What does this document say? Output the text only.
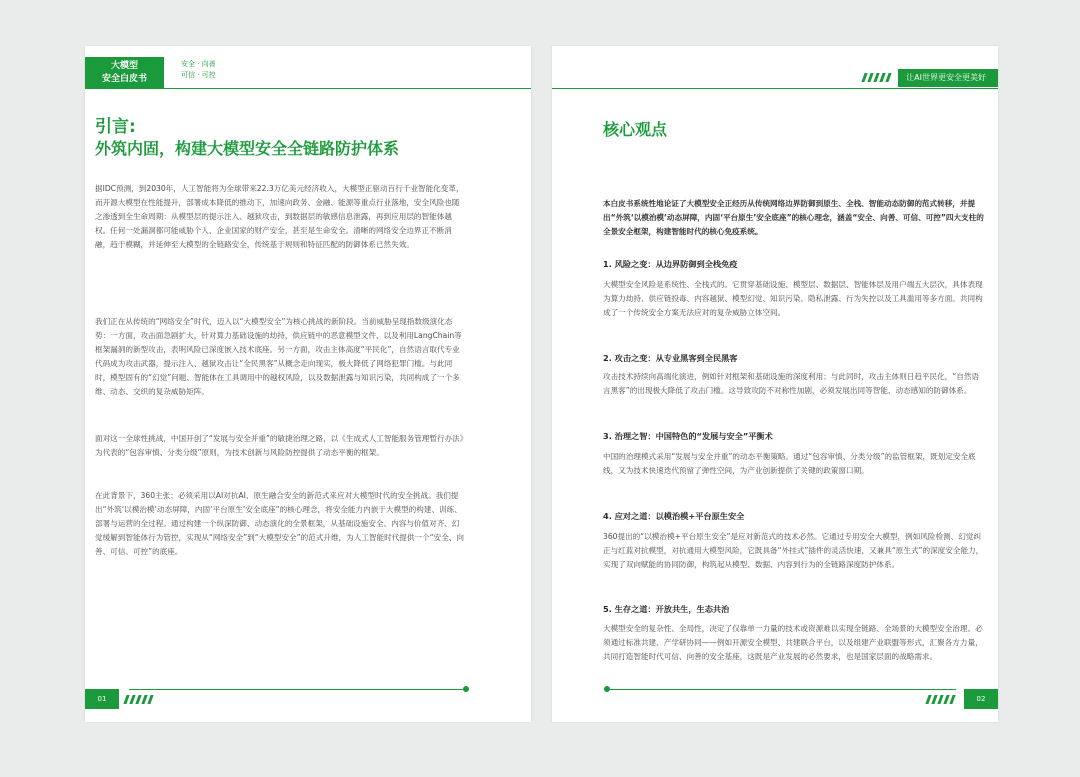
大模型
安全白皮书
安全 · 向善
可信 · 可控
引言:
外筑内固，构建大模型安全全链路防护体系

据IDC预测，到2030年，人工智能将为全球带来22.3万亿美元经济收入，大模型正驱动百行千业智能化变革，而开源大模型在性能提升，部署成本降低的推动下，加速向政务、金融、能源等重点行业落地，安全风险也随之渗透到全生命周期：从模型层的提示注入、越狱攻击，到数据层的敏感信息泄露，再到应用层的智能体越权。任何一处漏洞都可能威胁个人、企业国家的财产安全，甚至是生命安全。清晰的网络安全边界正不断消融，趋于模糊，并延伸至大模型的全链路安全，传统基于规则和特征匹配的防御体系已然失效。

我们正在从传统的“网络安全”时代，迈入以“大模型安全”为核心挑战的新阶段。当前威胁呈现指数级演化态势：一方面，攻击面急剧扩大，针对算力基础设施的劫持，供应链中的恶意模型文件、以及利用LangChain等框架漏洞的新型攻击，表明风险已深度嵌入技术底座。另一方面，攻击主体高度“平民化”，自然语言取代专业代码成为攻击武器，提示注入、越狱攻击让“全民黑客”从概念走向现实，极大降低了网络犯罪门槛。与此同时，模型固有的“幻觉”问题、智能体在工具调用中的越权风险，以及数据泄露与知识污染，共同构成了一个多维、动态、交织的复杂威胁矩阵。

面对这一全球性挑战，中国开创了“发展与安全并重”的敏捷治理之路，以《生成式人工智能服务管理暂行办法》为代表的“包容审慎、分类分级”原则，为技术创新与风险防控提供了动态平衡的框架。

在此背景下，360主张：必须采用以AI对抗AI、原生融合安全的新范式来应对大模型时代的安全挑战。我们提出“外筑‘以模治模’动态屏障，内固‘平台原生’安全底座”的核心理念，将安全能力内嵌于大模型的构建、训练、部署与运营的全过程。通过构建一个纵深防御、动态演化的全景框架，从基础设施安全、内容与价值对齐、幻觉缓解到智能体行为管控，实现从“网络安全”到“大模型安全”的范式升维，为人工智能时代提供一个“安全、向善、可信、可控”的底座。

01
让AI世界更安全更美好
核心观点

本白皮书系统性地论证了大模型安全正经历从传统网络边界防御到原生、全栈、智能动态防御的范式转移，并提出“外筑‘以模治模’动态屏障，内固‘平台原生’安全底座”的核心理念，涵盖“安全、向善、可信、可控”四大支柱的全景安全框架，构建智能时代的核心免疫系统。

1. 风险之变：从边界防御到全栈免疫

大模型安全风险是系统性、全栈式的。它贯穿基础设施、模型层、数据层、智能体层及用户端五大层次，具体表现为算力劫持、供应链投毒、内容越狱、模型幻觉、知识污染、隐私泄露、行为失控以及工具滥用等多方面。共同构成了一个传统安全方案无法应对的复杂威胁立体空间。

2. 攻击之变：从专业黑客到全民黑客

攻击技术持续向高端化演进，例如针对框架和基础设施的深度利用；与此同时，攻击主体则日趋平民化，“自然语言黑客”的出现极大降低了攻击门槛。这导致攻防不对称性加剧，必须发展出同等智能、动态感知的防御体系。

3. 治理之智：中国特色的“发展与安全”平衡术

中国的治理模式采用“发展与安全并重”的动态平衡策略。通过“包容审慎、分类分级”的监管框架，既划定安全底线，又为技术快速迭代预留了弹性空间，为产业创新提供了关键的政策窗口期。

4. 应对之道：以模治模+平台原生安全

360提出的“以模治模+平台原生安全”是应对新范式的技术必然。它通过专用安全大模型，例如风险检测、幻觉纠正与红蓝对抗模型，对抗通用大模型风险，它既具备“外挂式”插件的灵活快速，又兼具“原生式”的深度安全能力，实现了双向赋能的协同防御，构筑起从模型、数据、内容到行为的全链路深度防护体系。

5. 生存之道：开放共生，生态共治

大模型安全的复杂性、全局性，决定了仅靠单一力量的技术或资源难以实现全链路、全场景的大模型安全治理。必须通过标准共建、产学研协同——例如开源安全模型、共建联合平台，以及组建产业联盟等形式，汇聚各方力量，共同打造智能时代可信、向善的安全基座，这既是产业发展的必然要求，也是国家层面的战略需求。

02
